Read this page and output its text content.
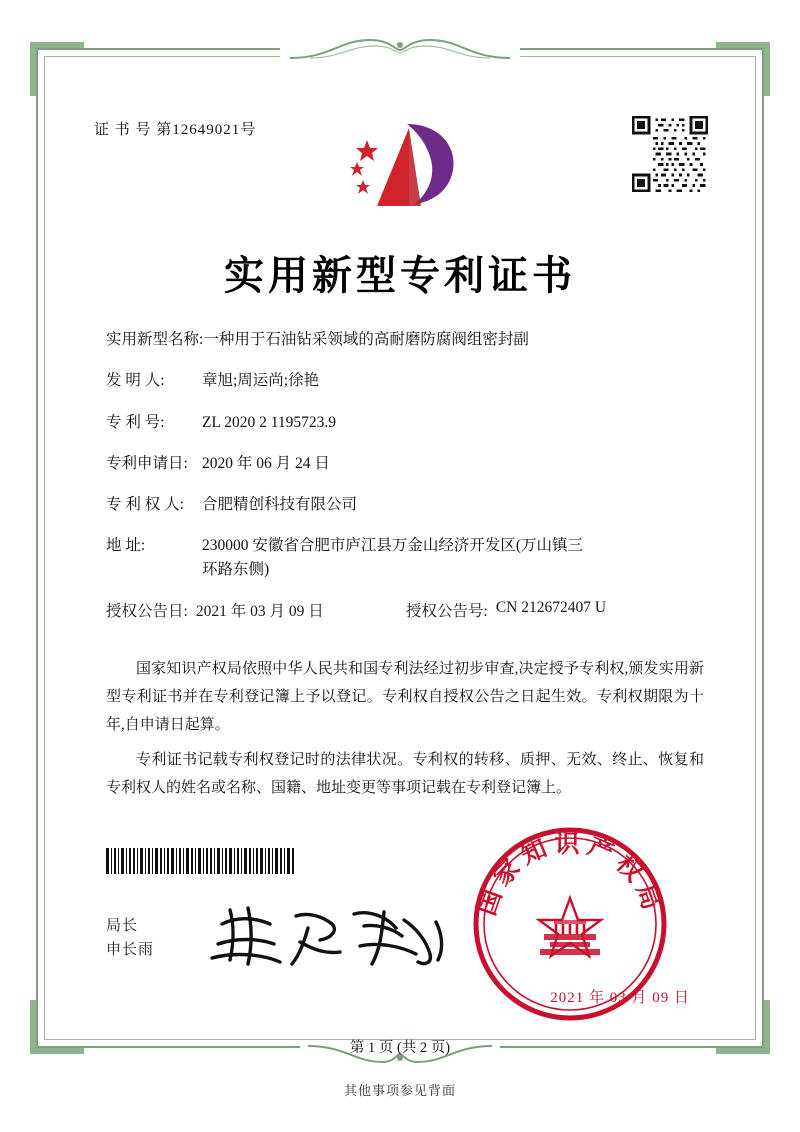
证 书 号 第12649021号
实用新型专利证书
实用新型名称: 一种用于石油钻采领域的高耐磨防腐阀组密封副
发 明 人:	章旭;周运尚;徐艳
专 利 号:	ZL 2020 2 1195723.9
专利申请日: 2020 年 06 月 24 日
专 利 权 人:	合肥精创科技有限公司
地 址:	230000 安徽省合肥市庐江县万金山经济开发区(万山镇三
环路东侧)
授权公告日: 2021 年 03 月 09 日	授权公告号: CN 212672407 U

国家知识产权局依照中华人民共和国专利法经过初步审查,决定授予专利权,颁发实用新型专利证书并在专利登记簿上予以登记。专利权自授权公告之日起生效。专利权期限为十年,自申请日起算。

专利证书记载专利权登记时的法律状况。专利权的转移、质押、无效、终止、恢复和专利权人的姓名或名称、国籍、地址变更等事项记载在专利登记簿上。

局长
申长雨
国家知识产权局
2021 年 03 月 09 日
第 1 页 (共 2 页)
其他事项参见背面
